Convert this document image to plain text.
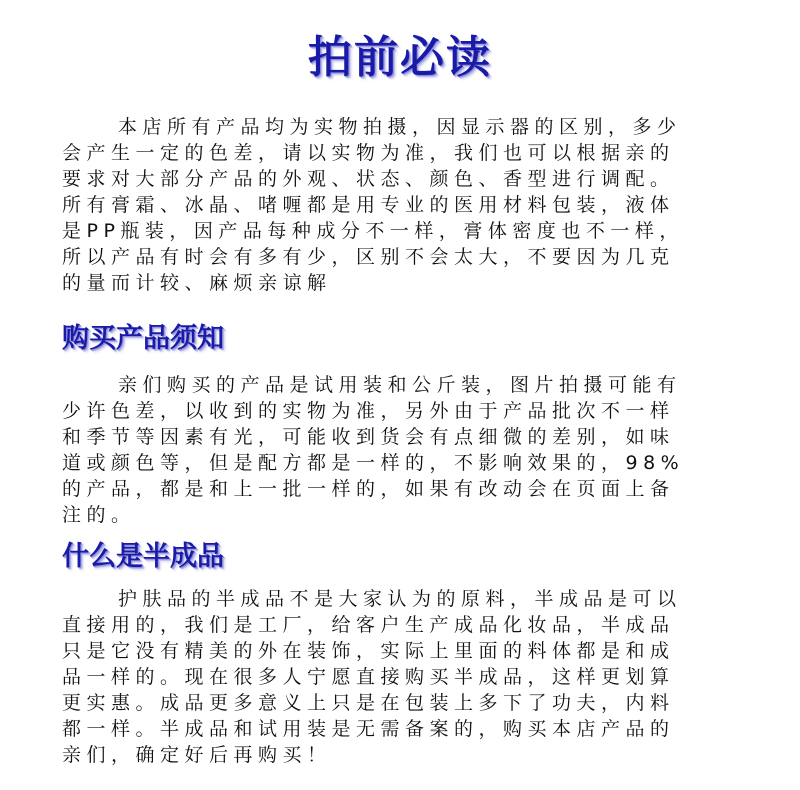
拍前必读
本店所有产品均为实物拍摄，因显示器的区别，多少
会产生一定的色差，请以实物为准，我们也可以根据亲的
要求对大部分产品的外观、状态、颜色、香型进行调配。
所有膏霜、冰晶、啫喱都是用专业的医用材料包装，液体
是PP瓶装，因产品每种成分不一样，膏体密度也不一样，
所以产品有时会有多有少，区别不会太大，不要因为几克
的量而计较、麻烦亲谅解
购买产品须知
亲们购买的产品是试用装和公斤装，图片拍摄可能有
少许色差，以收到的实物为准，另外由于产品批次不一样
和季节等因素有光，可能收到货会有点细微的差别，如味
道或颜色等，但是配方都是一样的，不影响效果的，98%
的产品，都是和上一批一样的，如果有改动会在页面上备
注的。
什么是半成品
护肤品的半成品不是大家认为的原料，半成品是可以
直接用的，我们是工厂，给客户生产成品化妆品，半成品
只是它没有精美的外在装饰，实际上里面的料体都是和成
品一样的。现在很多人宁愿直接购买半成品，这样更划算
更实惠。成品更多意义上只是在包装上多下了功夫，内料
都一样。半成品和试用装是无需备案的，购买本店产品的
亲们，确定好后再购买！
